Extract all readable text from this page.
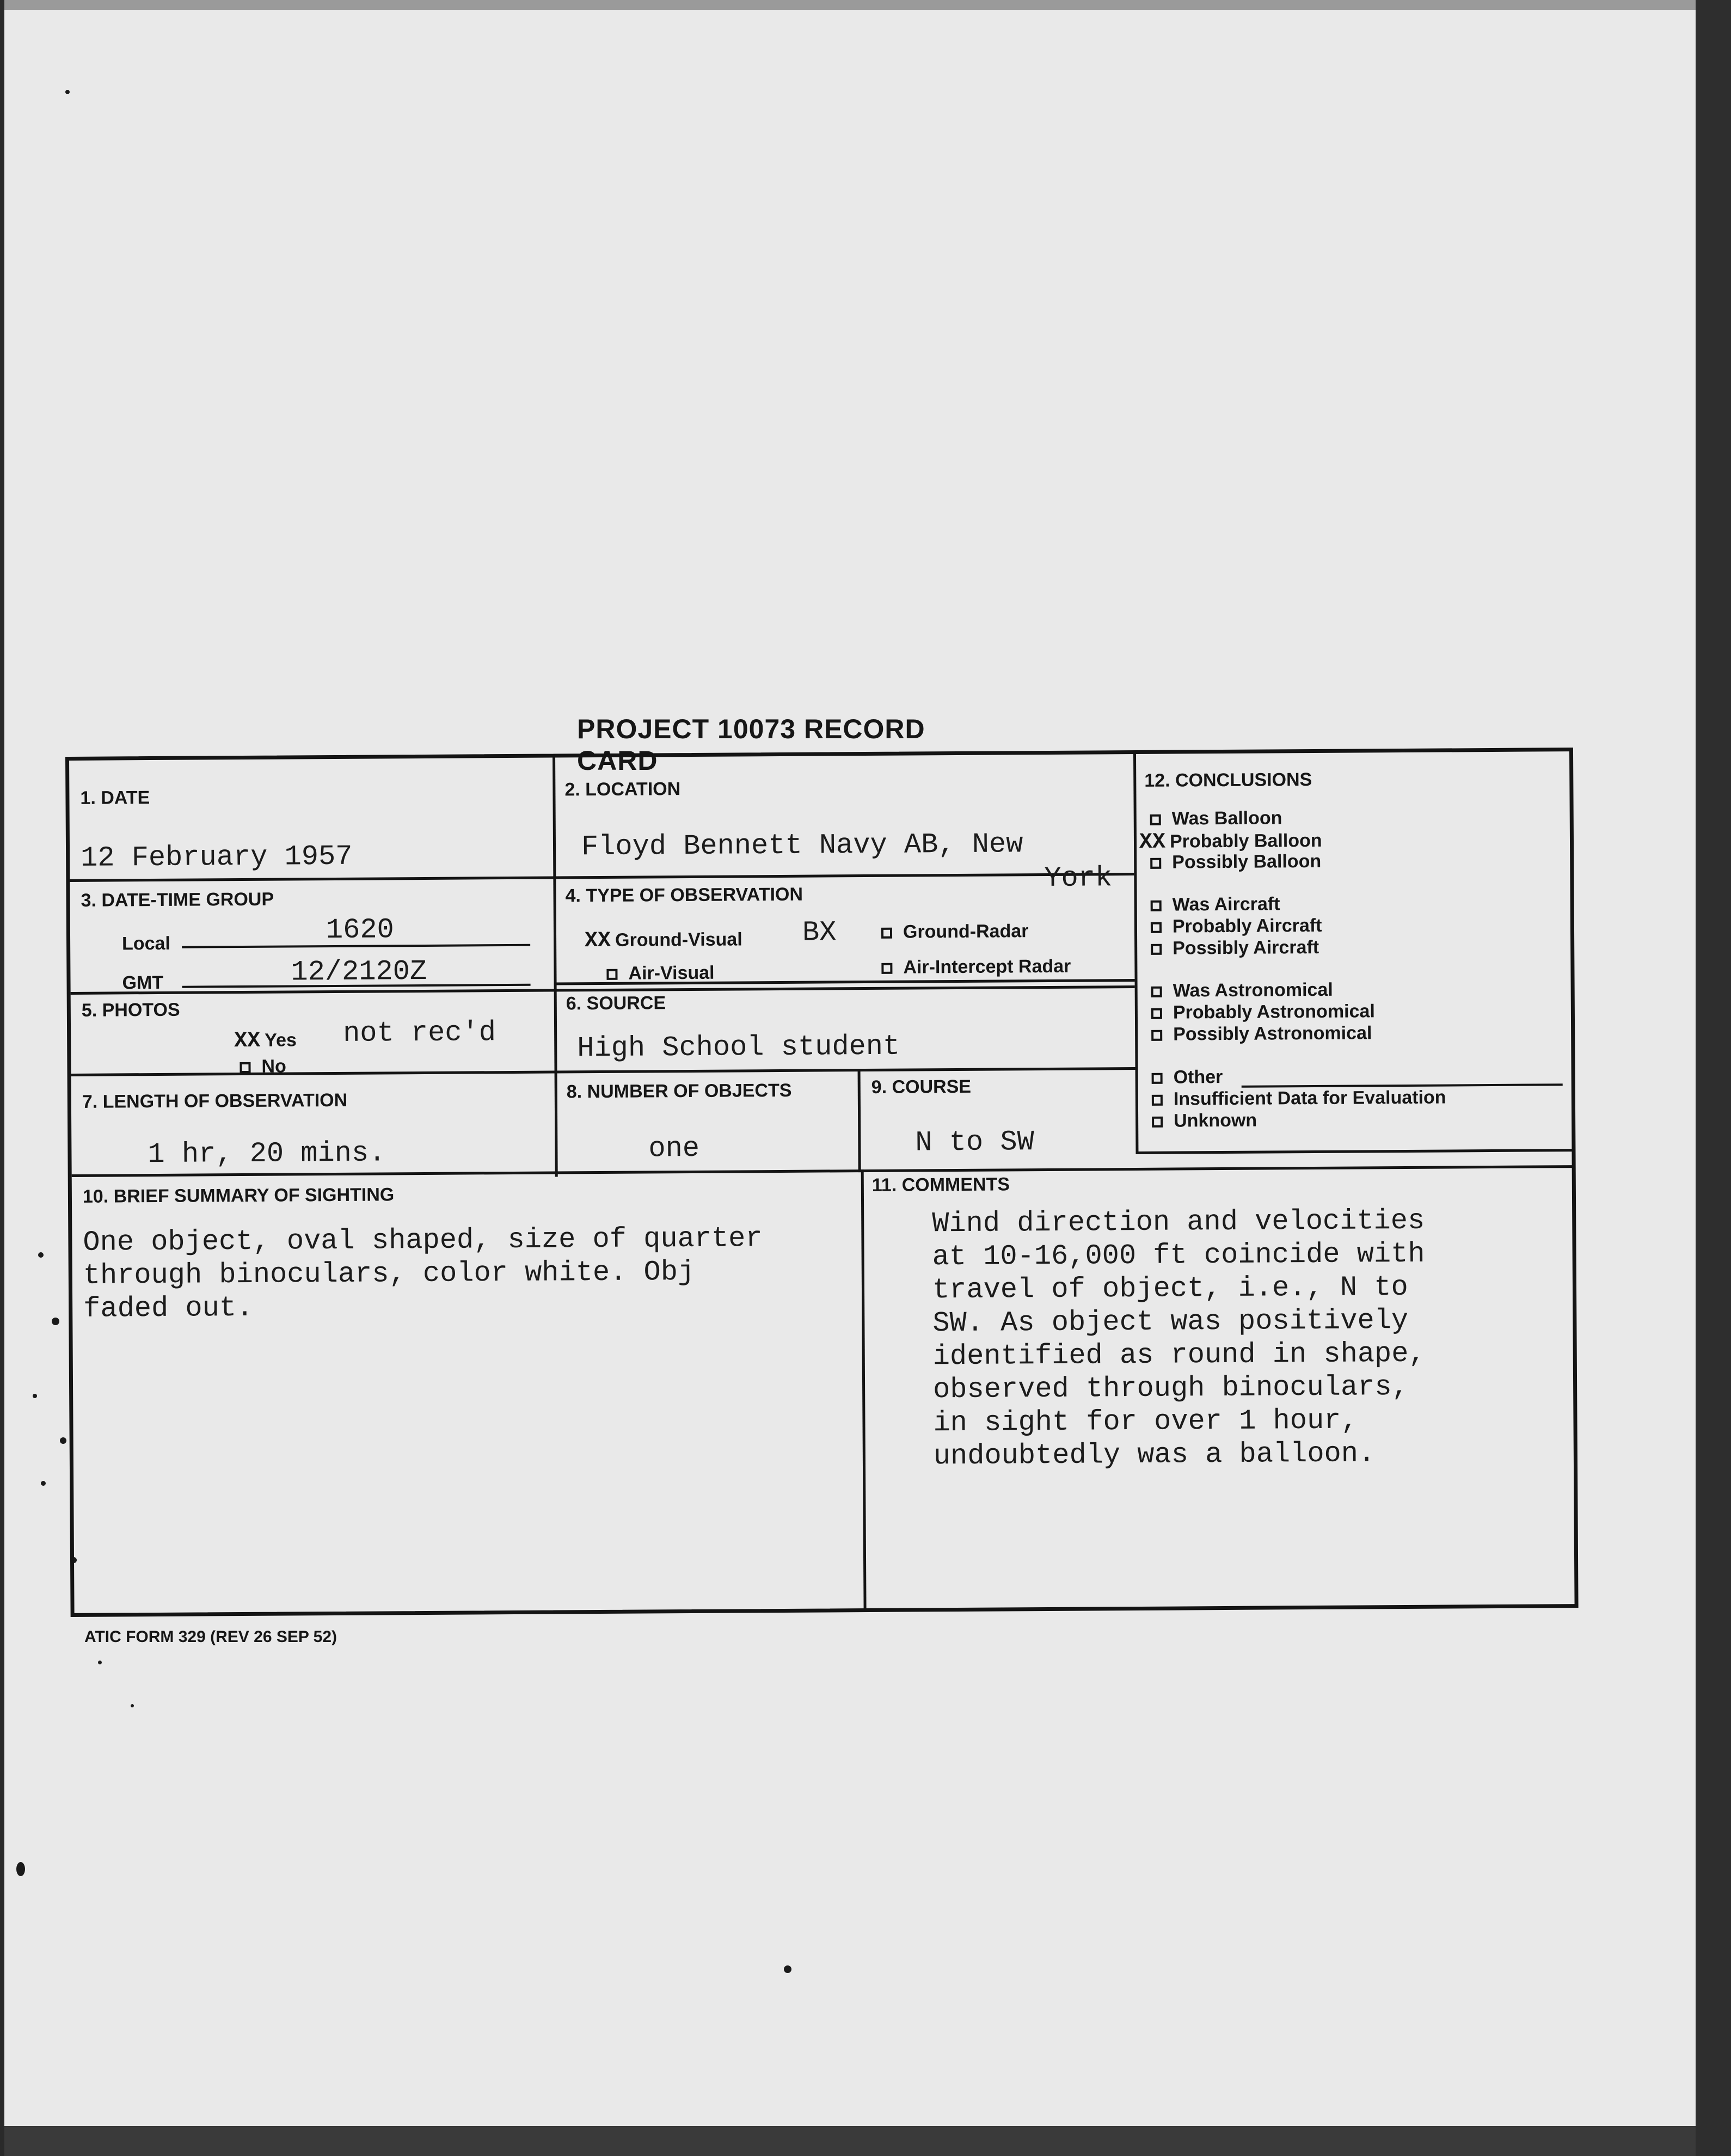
PROJECT 10073 RECORD CARD
1. DATE
12 February 1957
2. LOCATION
Floyd Bennett Navy AB, New
York
3. DATE-TIME GROUP
Local	1620
GMT	12/2120Z
4. TYPE OF OBSERVATION
XX Ground-Visual BX	Ground-Radar
Air-Visual	Air-Intercept Radar
5. PHOTOS
XX Yes not rec'd
No
6. SOURCE
High School student
7. LENGTH OF OBSERVATION
1 hr, 20 mins.
8. NUMBER OF OBJECTS
one
9. COURSE
N to SW
10. BRIEF SUMMARY OF SIGHTING
One object, oval shaped, size of quarter
through binoculars, color white. Obj
faded out.
11. COMMENTS
Wind direction and velocities
at 10-16,000 ft coincide with
travel of object, i.e., N to
SW. As object was positively
identified as round in shape,
observed through binoculars,
in sight for over 1 hour,
undoubtedly was a balloon.
12. CONCLUSIONS
Was Balloon
XX Probably Balloon
Possibly Balloon
Was Aircraft
Probably Aircraft
Possibly Aircraft
Was Astronomical
Probably Astronomical
Possibly Astronomical
Other
Insufficient Data for Evaluation
Unknown
ATIC FORM 329 (REV 26 SEP 52)
